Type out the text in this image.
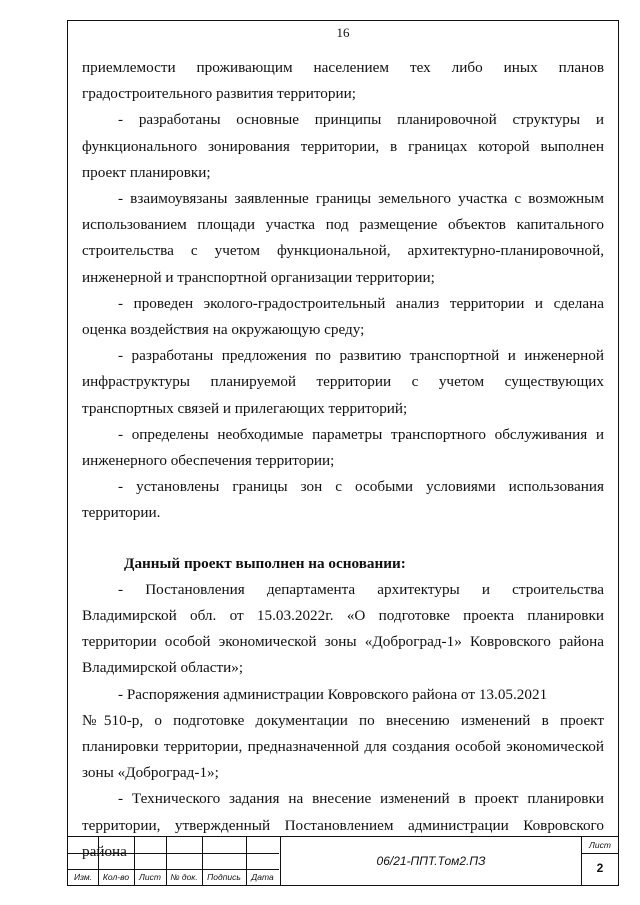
16

приемлемости проживающим населением тех либо иных планов градостроительного развития территории;

- разработаны основные принципы планировочной структуры и функционального зонирования территории, в границах которой выполнен проект планировки;

- взаимоувязаны заявленные границы земельного участка с возможным использованием площади участка под размещение объектов капитального строительства с учетом функциональной, архитектурно-планировочной, инженерной и транспортной организации территории;

- проведен эколого-градостроительный анализ территории и сделана оценка воздействия на окружающую среду;

- разработаны предложения по развитию транспортной и инженерной инфраструктуры планируемой территории с учетом существующих транспортных связей и прилегающих территорий;

- определены необходимые параметры транспортного обслуживания и инженерного обеспечения территории;

- установлены границы зон с особыми условиями использования территории.

Данный проект выполнен на основании:

- Постановления департамента архитектуры и строительства Владимирской обл. от 15.03.2022г. «О подготовке проекта планировки территории особой экономической зоны «Доброград-1» Ковровского района Владимирской области»;

- Распоряжения администрации Ковровского района от 13.05.2021

№510-р, о подготовке документации по внесению изменений в проект планировки территории, предназначенной для создания особой экономической зоны «Доброград-1»;

- Технического задания на внесение изменений в проект планировки территории, утвержденный Постановлением администрации Ковровского района

Изм.	Кол-во	Лист	№ док.	Подпись	Дата
06/21-ППТ.Том2.ПЗ
Лист
2
